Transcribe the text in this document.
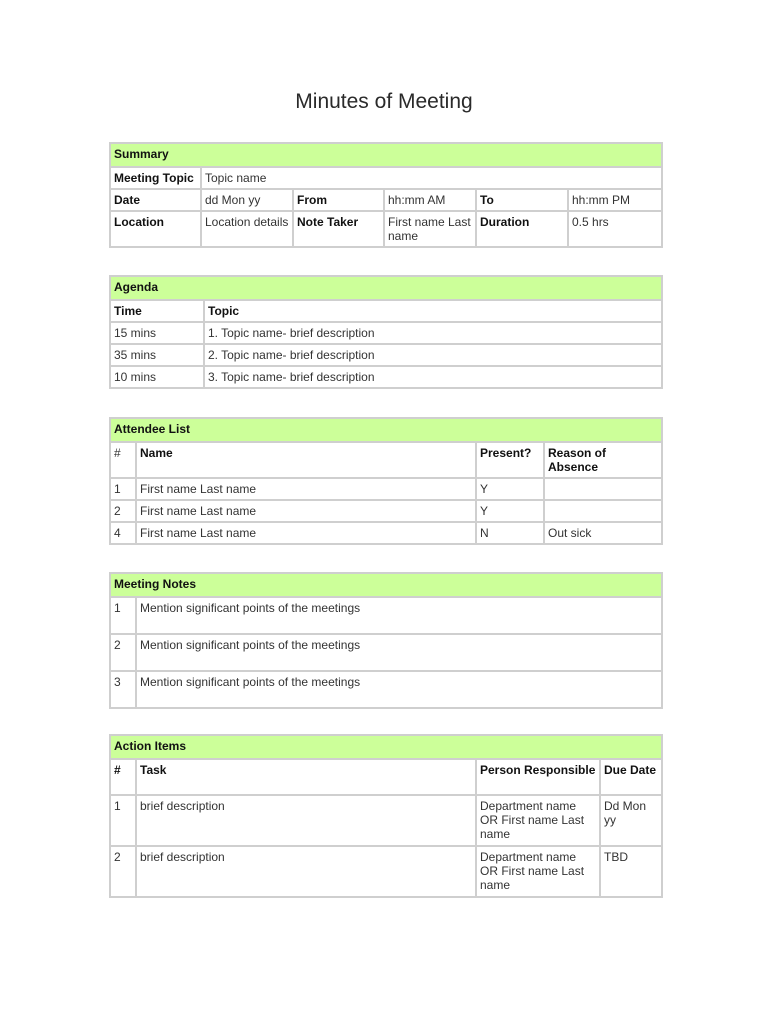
Minutes of Meeting
Summary					
Meeting Topic	Topic name				
Date	dd Mon yy	From	hh:mm AM	To	hh:mm PM
Location	Location details	Note Taker	First name Last name	Duration	0.5 hrs
Agenda	
Time	Topic
15 mins	1. Topic name- brief description
35 mins	2. Topic name- brief description
10 mins	3. Topic name- brief description
Attendee List			
#	Name	Present?	Reason of Absence
1	First name Last name	Y	
2	First name Last name	Y	
4	First name Last name	N	Out sick
Meeting Notes	
1	Mention significant points of the meetings
2	Mention significant points of the meetings
3	Mention significant points of the meetings
Action Items			
#	Task	Person Responsible	Due Date
1	brief description	Department name OR First name Last name	Dd Mon yy
2	brief description	Department name OR First name Last name	TBD
